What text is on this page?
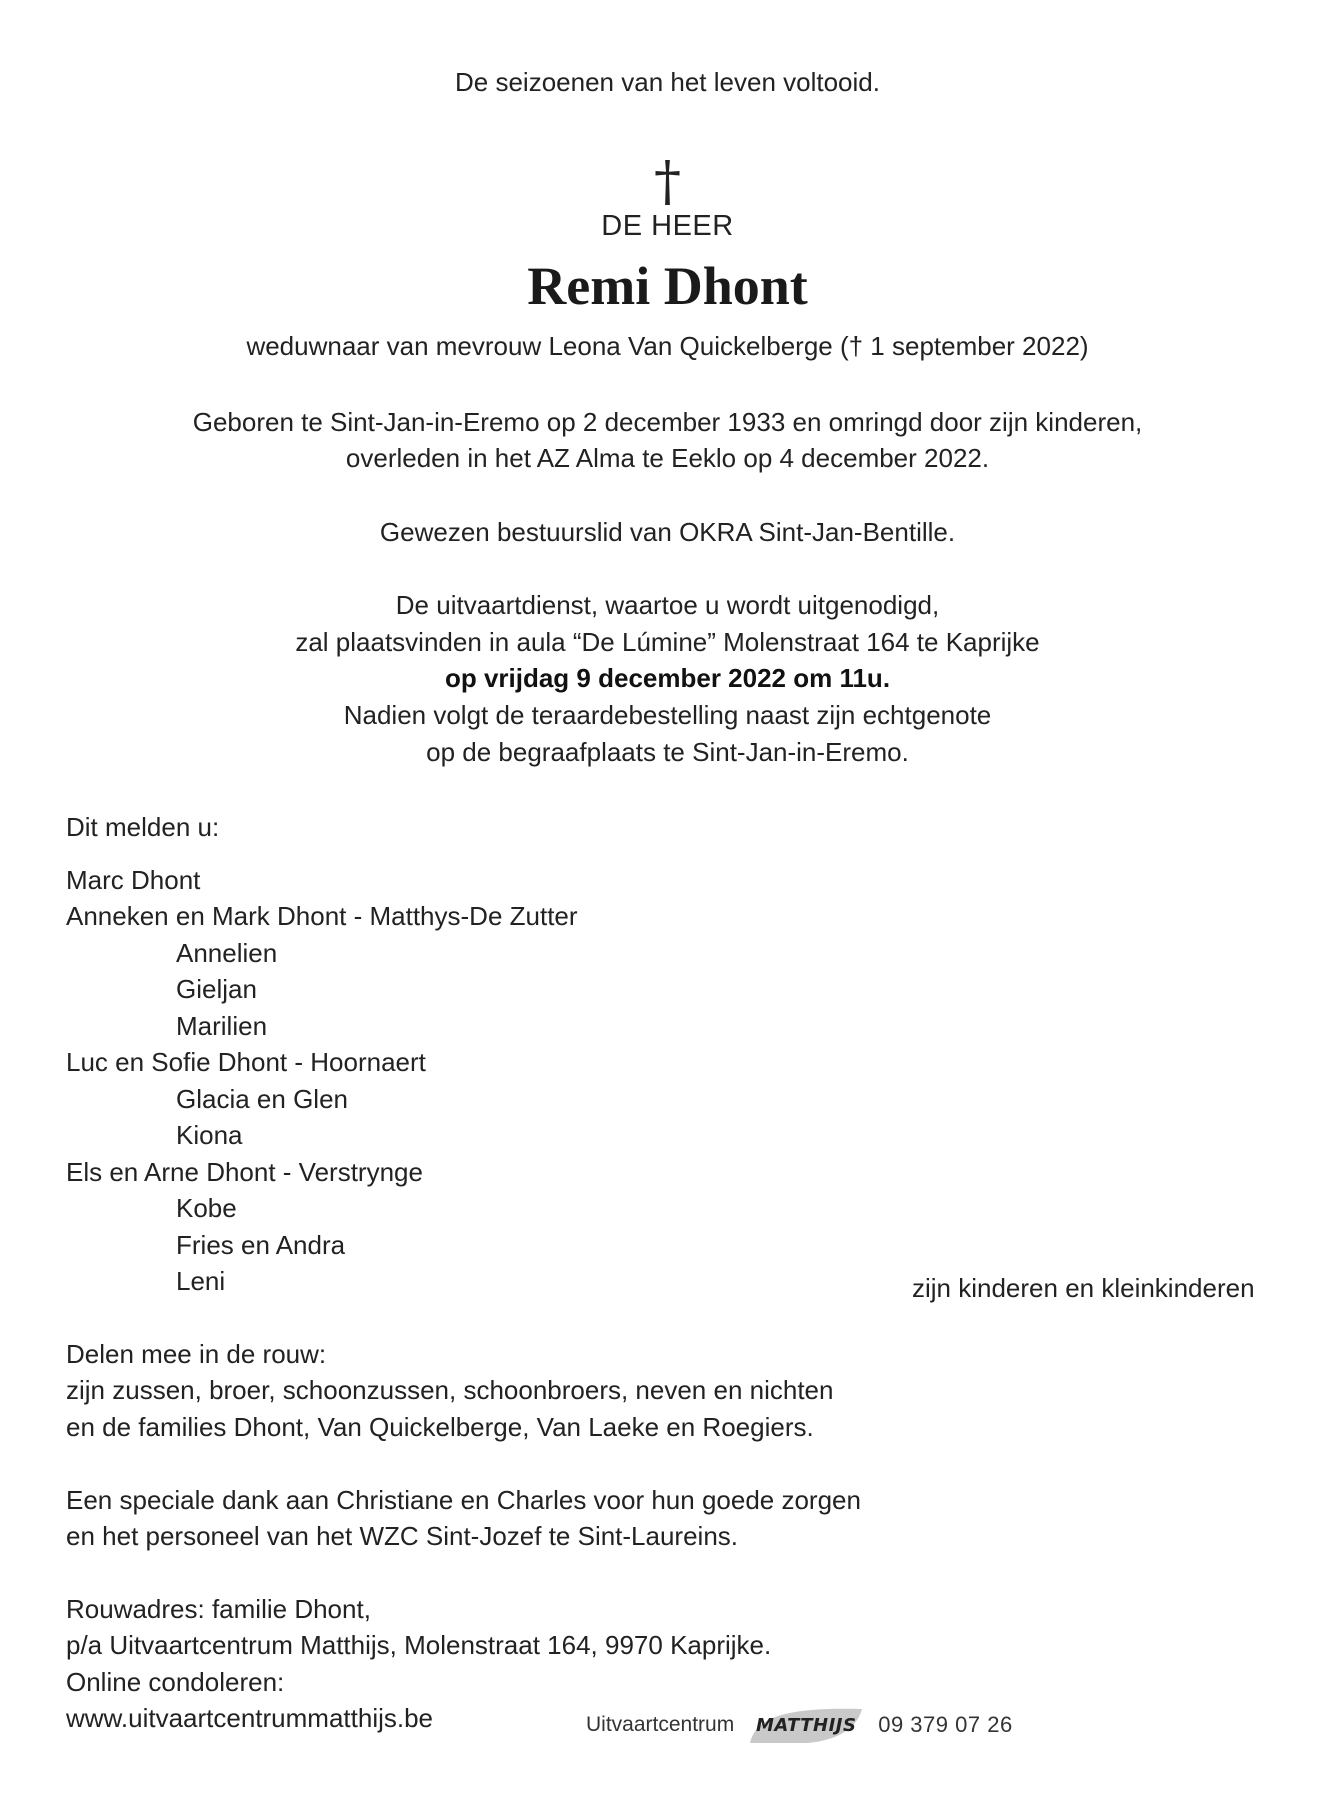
De seizoenen van het leven voltooid.
†
DE HEER
Remi Dhont
weduwnaar van mevrouw Leona Van Quickelberge († 1 september 2022)
Geboren te Sint-Jan-in-Eremo op 2 december 1933 en omringd door zijn kinderen,
overleden in het AZ Alma te Eeklo op 4 december 2022.
Gewezen bestuurslid van OKRA Sint-Jan-Bentille.
De uitvaartdienst, waartoe u wordt uitgenodigd,
zal plaatsvinden in aula “De Lúmine” Molenstraat 164 te Kaprijke
op vrijdag 9 december 2022 om 11u.
Nadien volgt de teraardebestelling naast zijn echtgenote
op de begraafplaats te Sint-Jan-in-Eremo.
Dit melden u:
Marc Dhont
Anneken en Mark Dhont - Matthys-De Zutter
Annelien
Gieljan
Marilien
Luc en Sofie Dhont - Hoornaert
Glacia en Glen
Kiona
Els en Arne Dhont - Verstrynge
Kobe
Fries en Andra
Leni	zijn kinderen en kleinkinderen
Delen mee in de rouw:
zijn zussen, broer, schoonzussen, schoonbroers, neven en nichten
en de families Dhont, Van Quickelberge, Van Laeke en Roegiers.
Een speciale dank aan Christiane en Charles voor hun goede zorgen
en het personeel van het WZC Sint-Jozef te Sint-Laureins.
Rouwadres: familie Dhont,
p/a Uitvaartcentrum Matthijs, Molenstraat 164, 9970 Kaprijke.
Online condoleren:
www.uitvaartcentrummatthijs.be	Uitvaartcentrum	MATTHIJS 09 379 07 26
